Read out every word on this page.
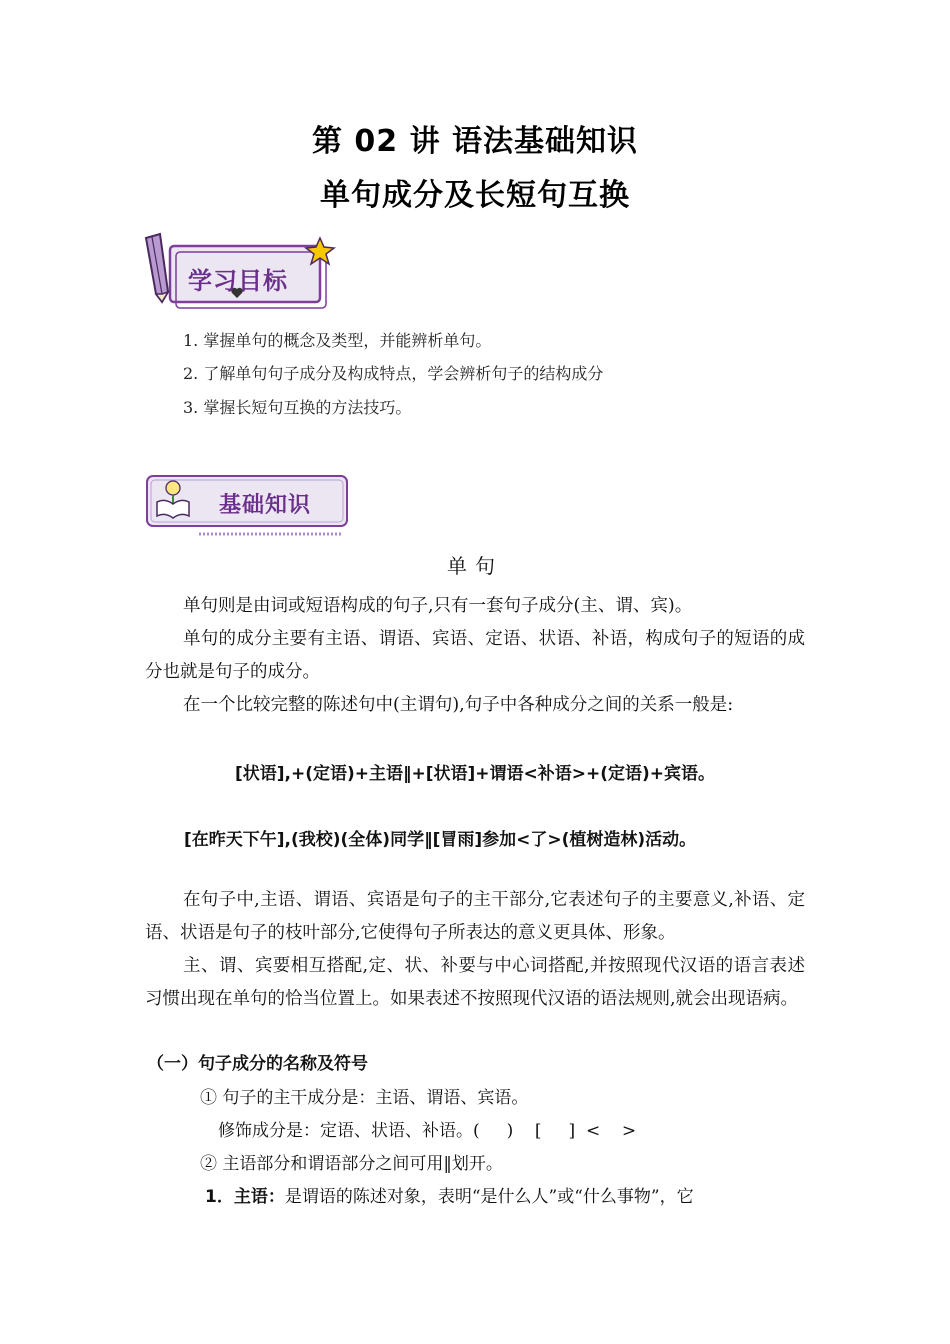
第 02 讲 语法基础知识
单句成分及长短句互换
学习目标
1. 掌握单句的概念及类型，并能辨析单句。
2. 了解单句句子成分及构成特点，学会辨析句子的结构成分
3. 掌握长短句互换的方法技巧。
基础知识
单句
单句则是由词或短语构成的句子,只有一套句子成分(主、谓、宾)。
单句的成分主要有主语、谓语、宾语、定语、状语、补语，构成句子的短语的成分也就是句子的成分。
在一个比较完整的陈述句中(主谓句),句子中各种成分之间的关系一般是:
[状语],+(定语)+主语‖+[状语]+谓语<补语>+(定语)+宾语。
[在昨天下午],(我校)(全体)同学‖[冒雨]参加<了>(植树造林)活动。
在句子中,主语、谓语、宾语是句子的主干部分,它表述句子的主要意义,补语、定语、状语是句子的枝叶部分,它使得句子所表达的意义更具体、形象。
主、谓、宾要相互搭配,定、状、补要与中心词搭配,并按照现代汉语的语言表述习惯出现在单句的恰当位置上。如果表述不按照现代汉语的语法规则,就会出现语病。
（一）句子成分的名称及符号
① 句子的主干成分是：主语、谓语、宾语。
修饰成分是：定语、状语、补语。(     )    [     ]  <    >
② 主语部分和谓语部分之间可用‖划开。
1．主语：是谓语的陈述对象，表明“是什么人”或“什么事物”，它
